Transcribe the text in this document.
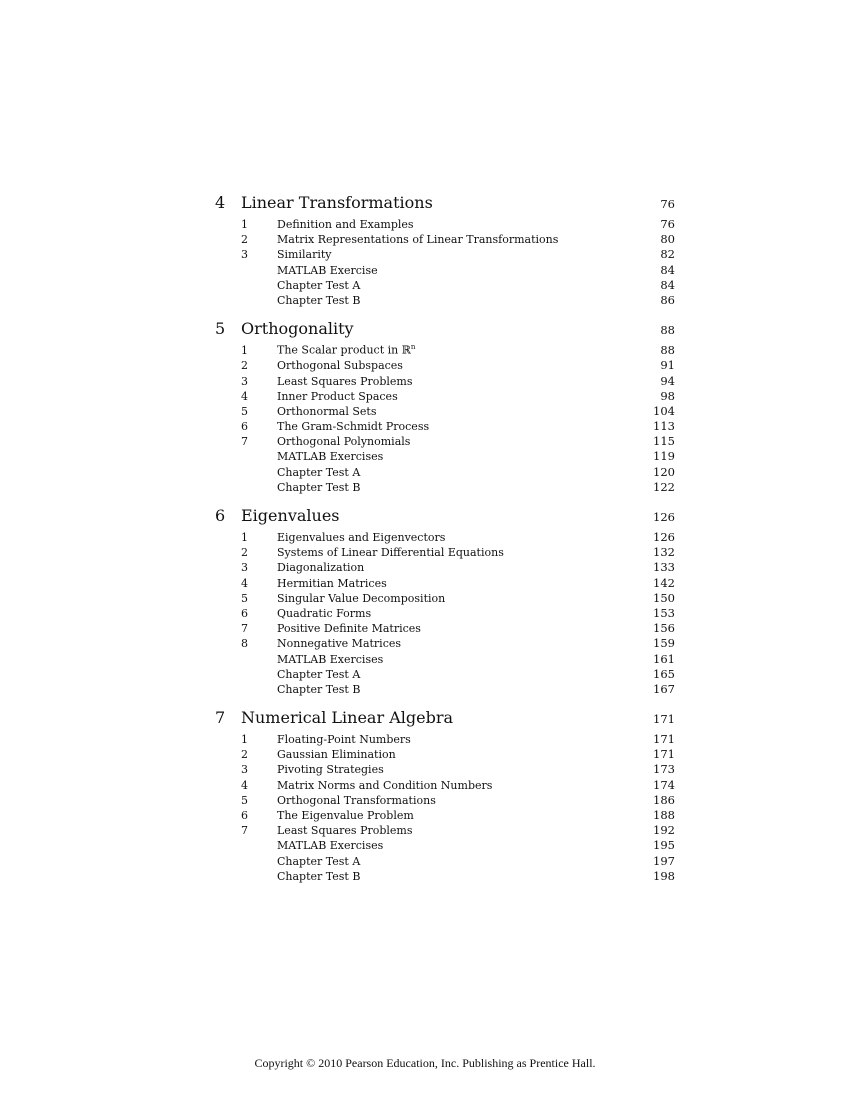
4 Linear Transformations	76
1	Definition and Examples	76
2	Matrix Representations of Linear Transformations	80
3	Similarity	82
MATLAB Exercise	84
Chapter Test A	84
Chapter Test B	86
5 Orthogonality	88
1	The Scalar product in ℝ$^n$	88
2	Orthogonal Subspaces	91
3	Least Squares Problems	94
4	Inner Product Spaces	98
5	Orthonormal Sets	104
6	The Gram-Schmidt Process	113
7	Orthogonal Polynomials	115
MATLAB Exercises	119
Chapter Test A	120
Chapter Test B	122
6 Eigenvalues	126
1	Eigenvalues and Eigenvectors	126
2	Systems of Linear Differential Equations	132
3	Diagonalization	133
4	Hermitian Matrices	142
5	Singular Value Decomposition	150
6	Quadratic Forms	153
7	Positive Definite Matrices	156
8	Nonnegative Matrices	159
MATLAB Exercises	161
Chapter Test A	165
Chapter Test B	167
7 Numerical Linear Algebra	171
1	Floating-Point Numbers	171
2	Gaussian Elimination	171
3	Pivoting Strategies	173
4	Matrix Norms and Condition Numbers	174
5	Orthogonal Transformations	186
6	The Eigenvalue Problem	188
7	Least Squares Problems	192
MATLAB Exercises	195
Chapter Test A	197
Chapter Test B	198
Copyright © 2010 Pearson Education, Inc. Publishing as Prentice Hall.
